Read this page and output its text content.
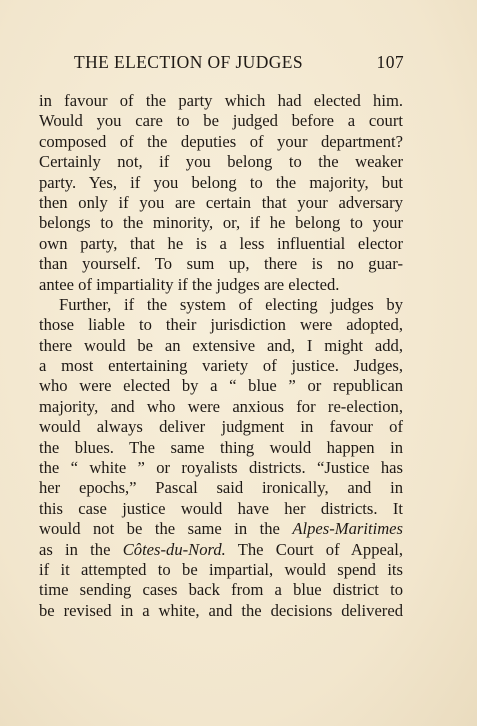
THE ELECTION OF JUDGES	107
in favour of the party which had elected him.
Would you care to be judged before a court
composed of the deputies of your department?
Certainly not, if you belong to the weaker
party. Yes, if you belong to the majority, but
then only if you are certain that your adversary
belongs to the minority, or, if he belong to your
own party, that he is a less influential elector
than yourself. To sum up, there is no guar-
antee of impartiality if the judges are elected.
Further, if the system of electing judges by
those liable to their jurisdiction were adopted,
there would be an extensive and, I might add,
a most entertaining variety of justice. Judges,
who were elected by a “ blue ” or republican
majority, and who were anxious for re-election,
would always deliver judgment in favour of
the blues. The same thing would happen in
the “ white ” or royalists districts. “Justice has
her epochs,” Pascal said ironically, and in
this case justice would have her districts. It
would not be the same in the Alpes-Maritimes
as in the Côtes-du-Nord. The Court of Appeal,
if it attempted to be impartial, would spend its
time sending cases back from a blue district to
be revised in a white, and the decisions delivered
